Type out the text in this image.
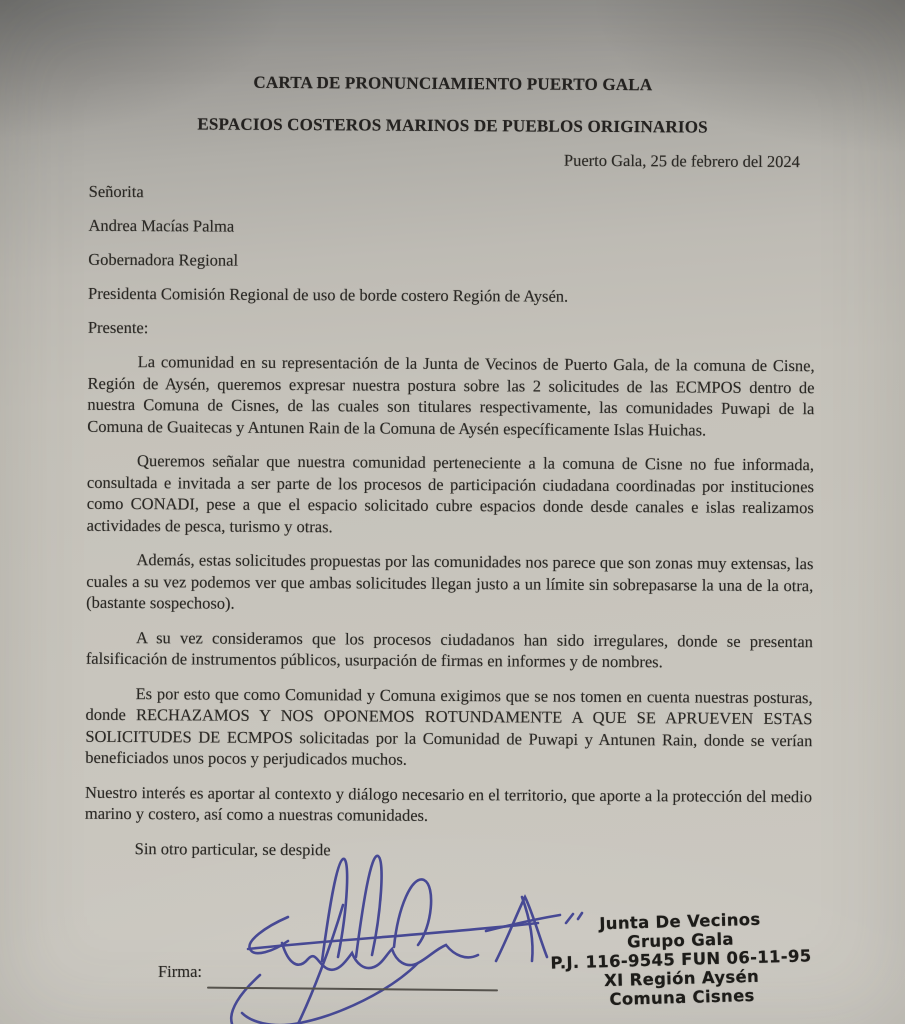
CARTA DE PRONUNCIAMIENTO PUERTO GALA
ESPACIOS COSTEROS MARINOS DE PUEBLOS ORIGINARIOS
Puerto Gala, 25 de febrero del 2024
Señorita
Andrea Macías Palma
Gobernadora Regional
Presidenta Comisión Regional de uso de borde costero Región de Aysén.
Presente:

La comunidad en su representación de la Junta de Vecinos de Puerto Gala, de la comuna de Cisne, Región de Aysén, queremos expresar nuestra postura sobre las 2 solicitudes de las ECMPOS dentro de nuestra Comuna de Cisnes, de las cuales son titulares respectivamente, las comunidades Puwapi de la Comuna de Guaitecas y Antunen Rain de la Comuna de Aysén específicamente Islas Huichas.

Queremos señalar que nuestra comunidad perteneciente a la comuna de Cisne no fue informada, consultada e invitada a ser parte de los procesos de participación ciudadana coordinadas por instituciones como CONADI, pese a que el espacio solicitado cubre espacios donde desde canales e islas realizamos actividades de pesca, turismo y otras.

Además, estas solicitudes propuestas por las comunidades nos parece que son zonas muy extensas, las cuales a su vez podemos ver que ambas solicitudes llegan justo a un límite sin sobrepasarse la una de la otra, (bastante sospechoso).

A su vez consideramos que los procesos ciudadanos han sido irregulares, donde se presentan falsificación de instrumentos públicos, usurpación de firmas en informes y de nombres.

Es por esto que como Comunidad y Comuna exigimos que se nos tomen en cuenta nuestras posturas, donde RECHAZAMOS Y NOS OPONEMOS ROTUNDAMENTE A QUE SE APRUEVEN ESTAS SOLICITUDES DE ECMPOS solicitadas por la Comunidad de Puwapi y Antunen Rain, donde se verían beneficiados unos pocos y perjudicados muchos.

Nuestro interés es aportar al contexto y diálogo necesario en el territorio, que aporte a la protección del medio marino y costero, así como a nuestras comunidades.

Sin otro particular, se despide

Firma:
Junta De Vecinos
Grupo Gala
P.J. 116-9545 FUN 06-11-95
XI Región Aysén
Comuna Cisnes
